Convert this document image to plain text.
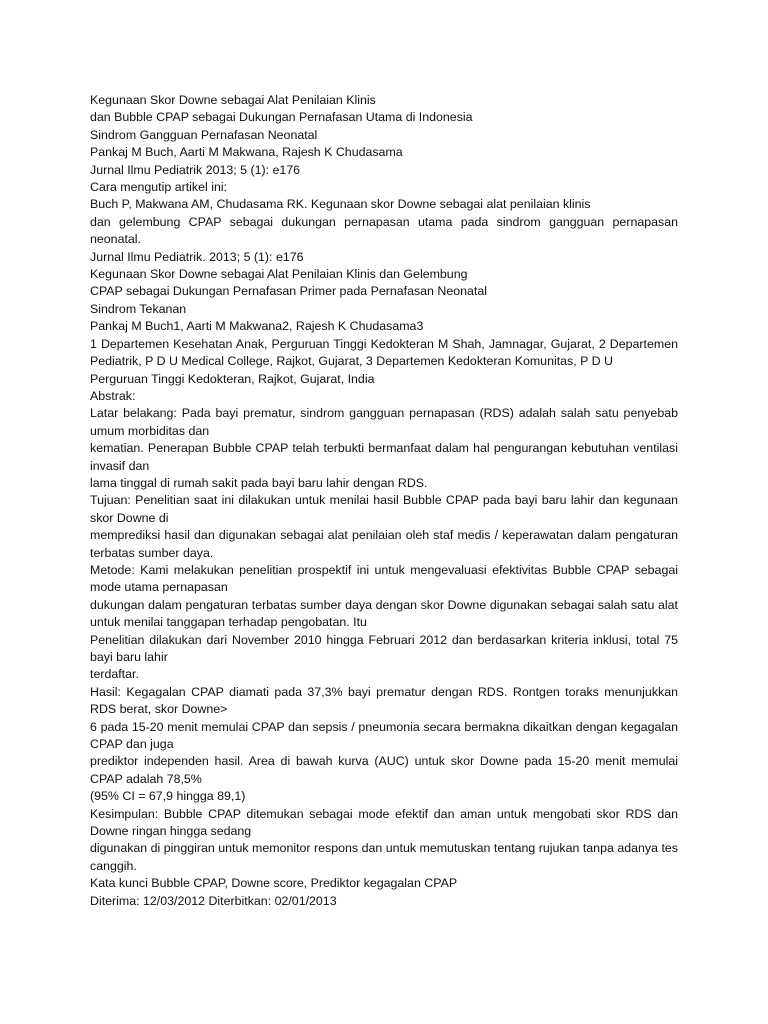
Kegunaan Skor Downe sebagai Alat Penilaian Klinis
dan Bubble CPAP sebagai Dukungan Pernafasan Utama di Indonesia
Sindrom Gangguan Pernafasan Neonatal
Pankaj M Buch, Aarti M Makwana, Rajesh K Chudasama
Jurnal Ilmu Pediatrik 2013; 5 (1): e176
Cara mengutip artikel ini:
Buch P, Makwana AM, Chudasama RK. Kegunaan skor Downe sebagai alat penilaian klinis
dan gelembung CPAP sebagai dukungan pernapasan utama pada sindrom gangguan pernapasan neonatal.
Jurnal Ilmu Pediatrik. 2013; 5 (1): e176
Kegunaan Skor Downe sebagai Alat Penilaian Klinis dan Gelembung
CPAP sebagai Dukungan Pernafasan Primer pada Pernafasan Neonatal
Sindrom Tekanan
Pankaj M Buch1, Aarti M Makwana2, Rajesh K Chudasama3
1 Departemen Kesehatan Anak, Perguruan Tinggi Kedokteran M Shah, Jamnagar, Gujarat, 2 Departemen Pediatrik, P D U Medical College, Rajkot, Gujarat, 3 Departemen Kedokteran Komunitas, P D U
Perguruan Tinggi Kedokteran, Rajkot, Gujarat, India
Abstrak:
Latar belakang: Pada bayi prematur, sindrom gangguan pernapasan (RDS) adalah salah satu penyebab umum morbiditas dan
kematian. Penerapan Bubble CPAP telah terbukti bermanfaat dalam hal pengurangan kebutuhan ventilasi invasif dan
lama tinggal di rumah sakit pada bayi baru lahir dengan RDS.
Tujuan: Penelitian saat ini dilakukan untuk menilai hasil Bubble CPAP pada bayi baru lahir dan kegunaan skor Downe di
memprediksi hasil dan digunakan sebagai alat penilaian oleh staf medis / keperawatan dalam pengaturan terbatas sumber daya.
Metode: Kami melakukan penelitian prospektif ini untuk mengevaluasi efektivitas Bubble CPAP sebagai mode utama pernapasan
dukungan dalam pengaturan terbatas sumber daya dengan skor Downe digunakan sebagai salah satu alat untuk menilai tanggapan terhadap pengobatan. Itu
Penelitian dilakukan dari November 2010 hingga Februari 2012 dan berdasarkan kriteria inklusi, total 75 bayi baru lahir
terdaftar.
Hasil: Kegagalan CPAP diamati pada 37,3% bayi prematur dengan RDS. Rontgen toraks menunjukkan RDS berat, skor Downe>
6 pada 15-20 menit memulai CPAP dan sepsis / pneumonia secara bermakna dikaitkan dengan kegagalan CPAP dan juga
prediktor independen hasil. Area di bawah kurva (AUC) untuk skor Downe pada 15-20 menit memulai CPAP adalah 78,5%
(95% CI = 67,9 hingga 89,1)
Kesimpulan: Bubble CPAP ditemukan sebagai mode efektif dan aman untuk mengobati skor RDS dan Downe ringan hingga sedang
digunakan di pinggiran untuk memonitor respons dan untuk memutuskan tentang rujukan tanpa adanya tes canggih.
Kata kunci Bubble CPAP, Downe score, Prediktor kegagalan CPAP
Diterima: 12/03/2012 Diterbitkan: 02/01/2013
